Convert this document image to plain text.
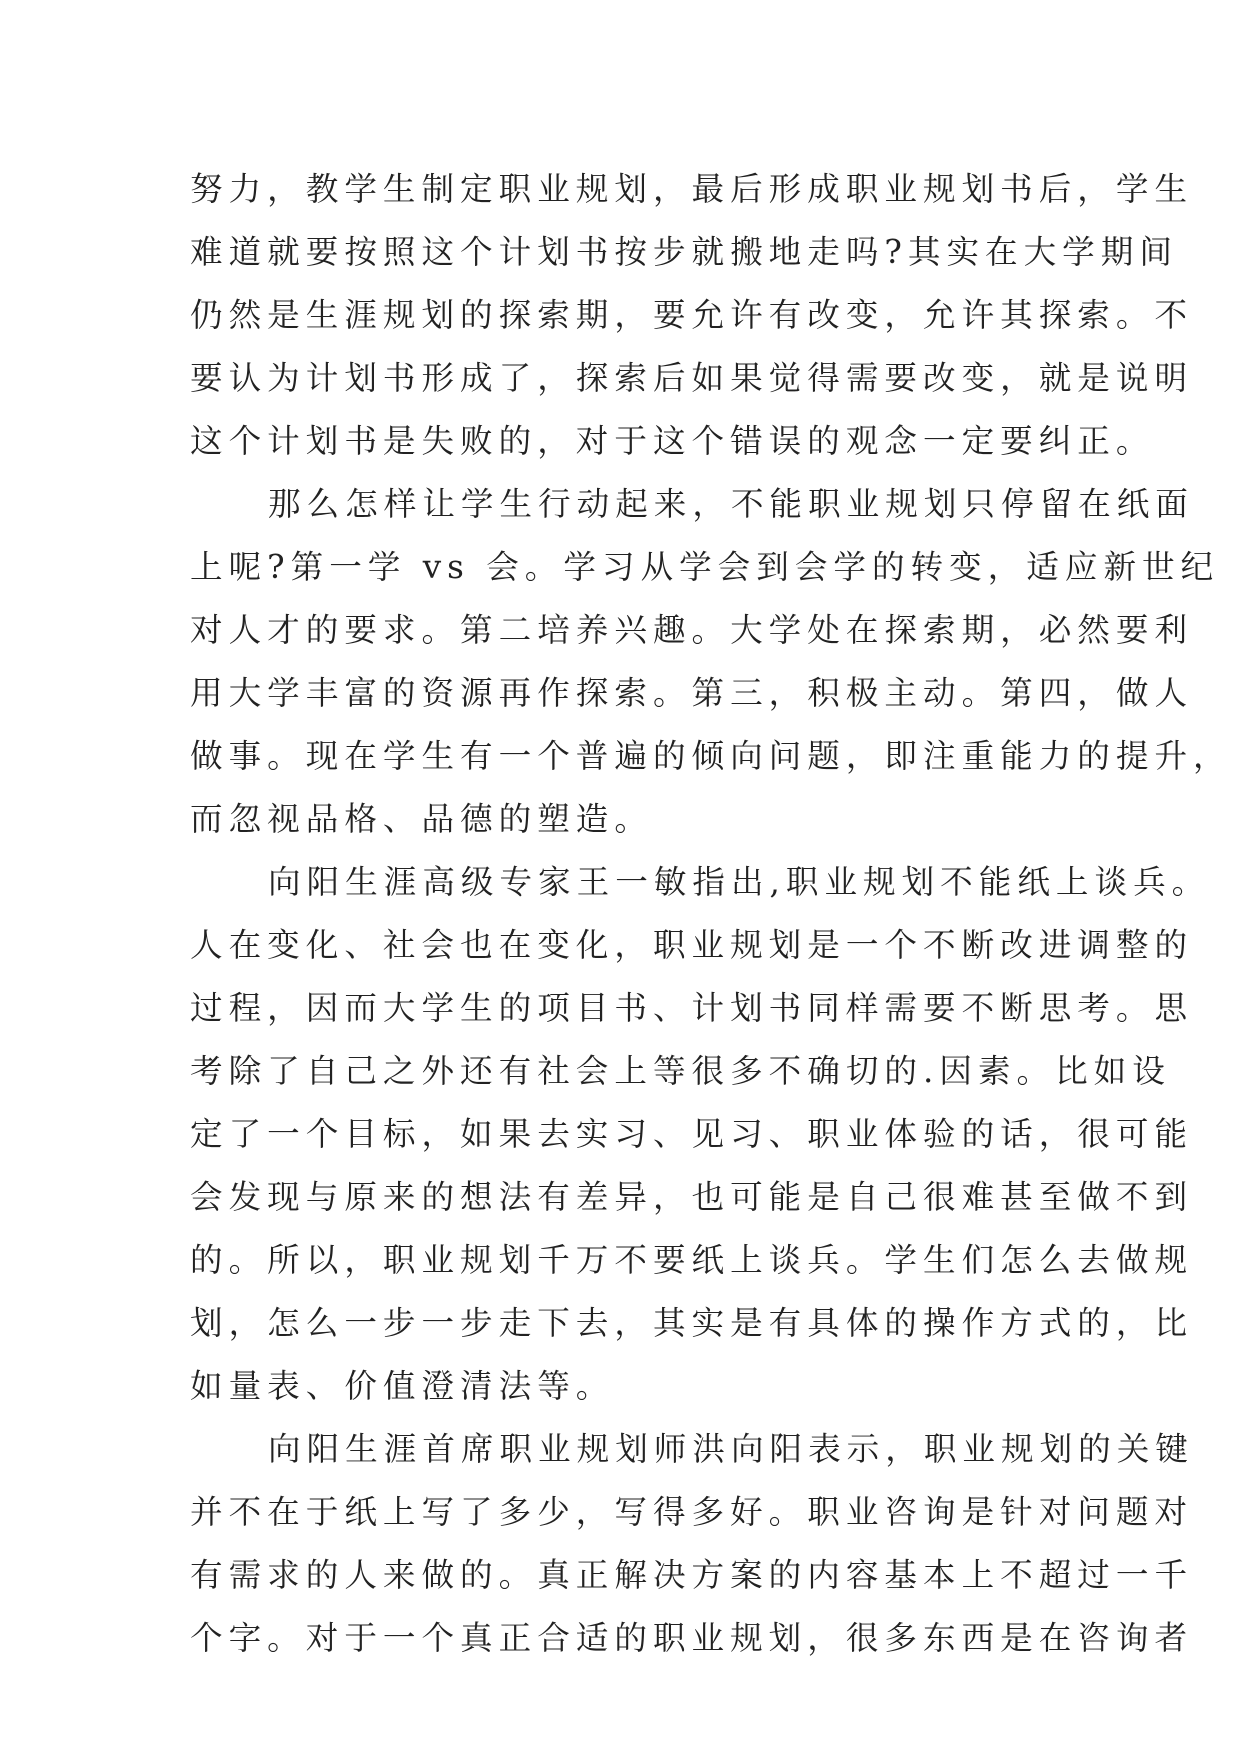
努力，教学生制定职业规划，最后形成职业规划书后，学生
难道就要按照这个计划书按步就搬地走吗?其实在大学期间
仍然是生涯规划的探索期，要允许有改变，允许其探索。不
要认为计划书形成了，探索后如果觉得需要改变，就是说明
这个计划书是失败的，对于这个错误的观念一定要纠正。
那么怎样让学生行动起来，不能职业规划只停留在纸面
上呢?第一学 vs 会。学习从学会到会学的转变，适应新世纪
对人才的要求。第二培养兴趣。大学处在探索期，必然要利
用大学丰富的资源再作探索。第三，积极主动。第四，做人
做事。现在学生有一个普遍的倾向问题，即注重能力的提升，
而忽视品格、品德的塑造。
向阳生涯高级专家王一敏指出,职业规划不能纸上谈兵。
人在变化、社会也在变化，职业规划是一个不断改进调整的
过程，因而大学生的项目书、计划书同样需要不断思考。思
考除了自己之外还有社会上等很多不确切的.因素。比如设
定了一个目标，如果去实习、见习、职业体验的话，很可能
会发现与原来的想法有差异，也可能是自己很难甚至做不到
的。所以，职业规划千万不要纸上谈兵。学生们怎么去做规
划，怎么一步一步走下去，其实是有具体的操作方式的，比
如量表、价值澄清法等。
向阳生涯首席职业规划师洪向阳表示，职业规划的关键
并不在于纸上写了多少，写得多好。职业咨询是针对问题对
有需求的人来做的。真正解决方案的内容基本上不超过一千
个字。对于一个真正合适的职业规划，很多东西是在咨询者
